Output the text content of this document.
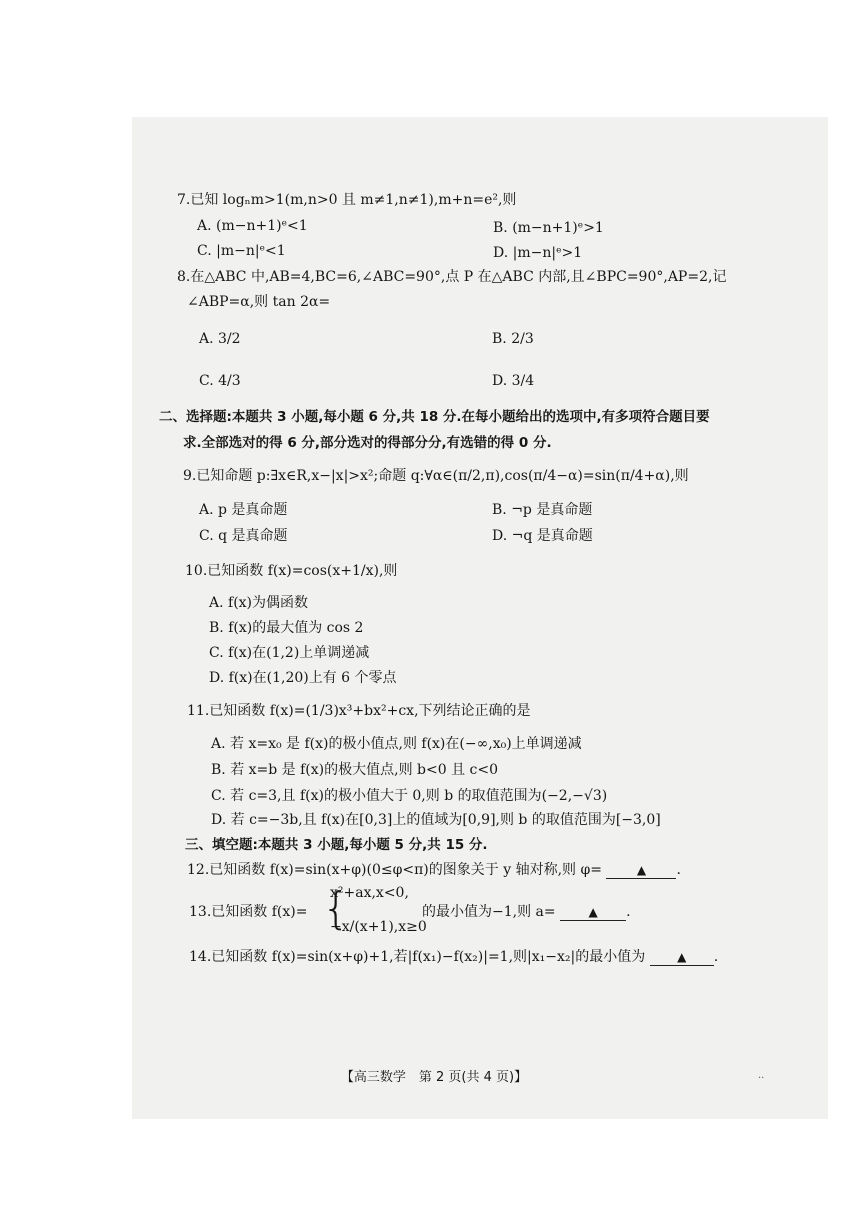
7.已知 logₙm>1(m,n>0 且 m≠1,n≠1),m+n=e²,则
A. (m−n+1)ᵉ<1	B. (m−n+1)ᵉ>1
C. |m−n|ᵉ<1	D. |m−n|ᵉ>1
8.在△ABC 中,AB=4,BC=6,∠ABC=90°,点 P 在△ABC 内部,且∠BPC=90°,AP=2,记
∠ABP=α,则 tan 2α=
A. 3/2	B. 2/3
C. 4/3	D. 3/4
二、选择题:本题共 3 小题,每小题 6 分,共 18 分.在每小题给出的选项中,有多项符合题目要
求.全部选对的得 6 分,部分选对的得部分分,有选错的得 0 分.
9.已知命题 p:∃x∈R,x−|x|>x²;命题 q:∀α∈(π/2,π),cos(π/4−α)=sin(π/4+α),则
A. p 是真命题	B. ¬p 是真命题
C. q 是真命题	D. ¬q 是真命题
10.已知函数 f(x)=cos(x+1/x),则
A. f(x)为偶函数
B. f(x)的最大值为 cos 2
C. f(x)在(1,2)上单调递减
D. f(x)在(1,20)上有 6 个零点
11.已知函数 f(x)=(1/3)x³+bx²+cx,下列结论正确的是
A. 若 x=x₀ 是 f(x)的极小值点,则 f(x)在(−∞,x₀)上单调递减
B. 若 x=b 是 f(x)的极大值点,则 b<0 且 c<0
C. 若 c=3,且 f(x)的极小值大于 0,则 b 的取值范围为(−2,−√3)
D. 若 c=−3b,且 f(x)在[0,3]上的值域为[0,9],则 b 的取值范围为[−3,0]
三、填空题:本题共 3 小题,每小题 5 分,共 15 分.
12.已知函数 f(x)=sin(x+φ)(0≤φ<π)的图象关于 y 轴对称,则 φ=	▲ .
13.已知函数 f(x)= {
x²+ax,x<0,
−x/(x+1),x≥0
的最小值为−1,则 a=	▲ .
14.已知函数 f(x)=sin(x+φ)+1,若|f(x₁)−f(x₂)|=1,则|x₁−x₂|的最小值为	▲ .
【高三数学　第 2 页(共 4 页)】	..
